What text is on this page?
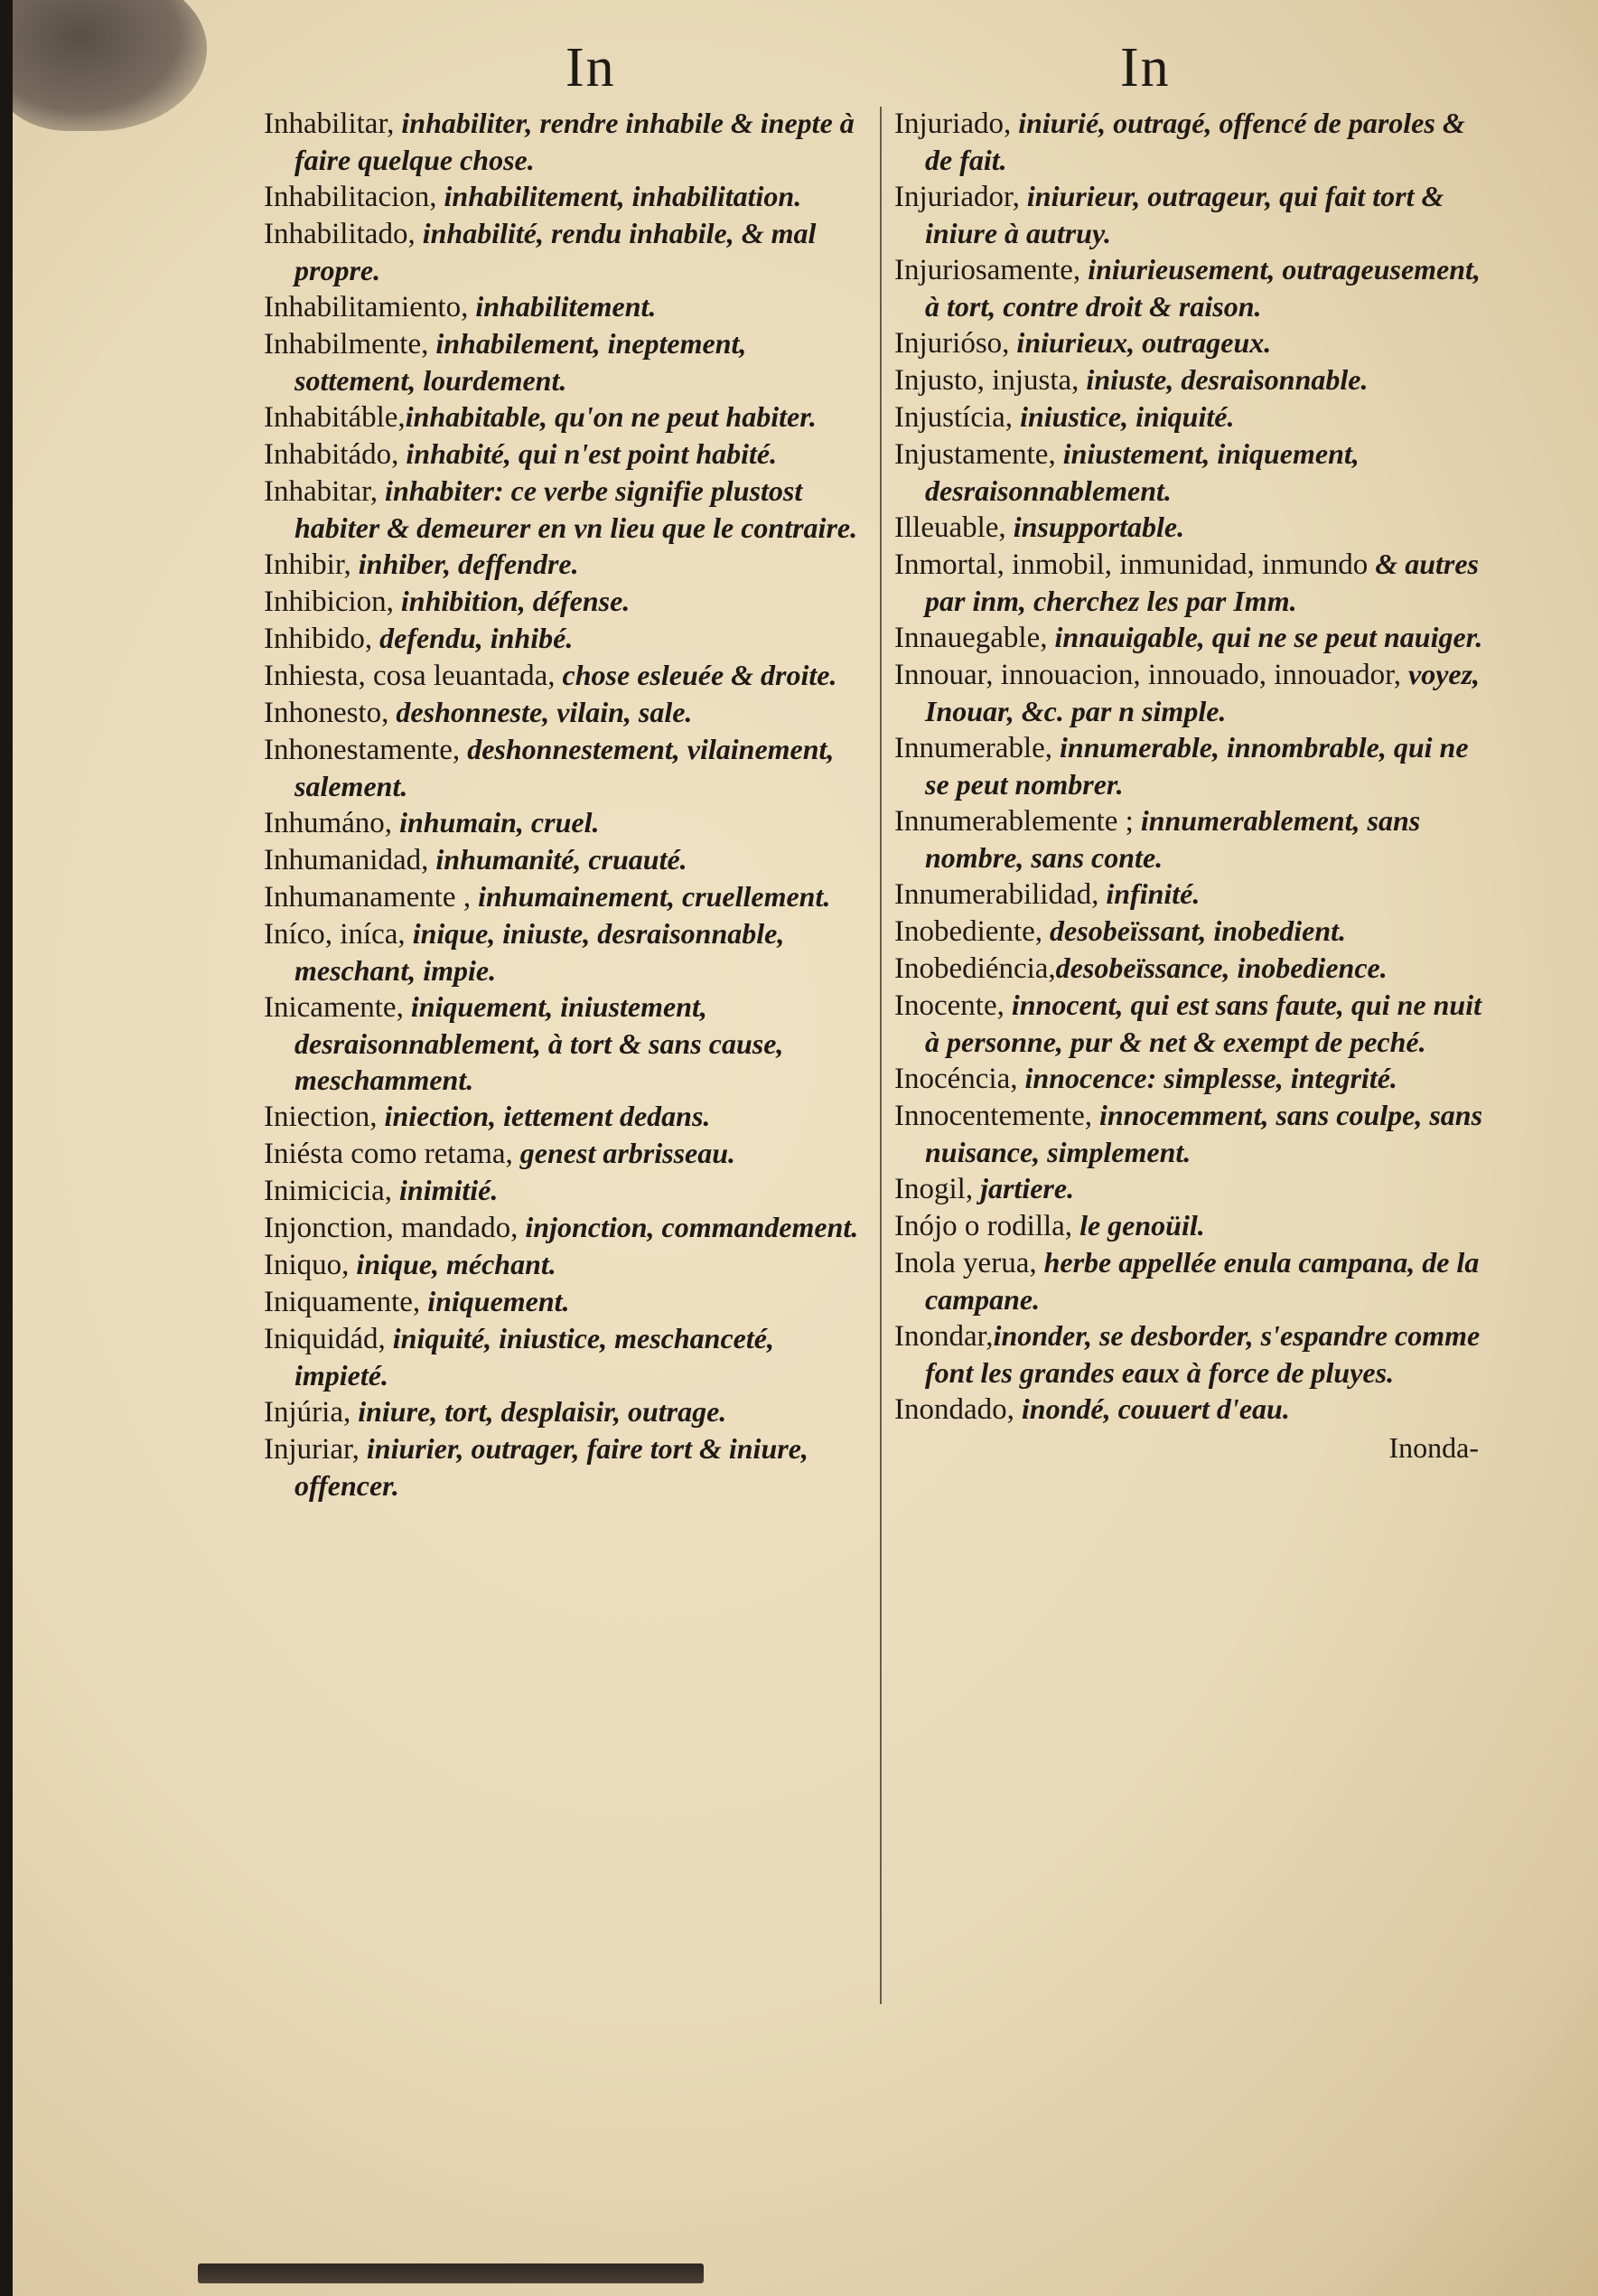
In	In
Inhabilitar, inhabiliter, rendre inhabile & inepte à faire quelque chose.
Inhabilitacion, inhabilitement, inhabilitation.
Inhabilitado, inhabilité, rendu inhabile, & mal propre.
Inhabilitamiento, inhabilitement.
Inhabilmente, inhabilement, ineptement, sottement, lourdement.
Inhabitáble,inhabitable, qu'on ne peut habiter.
Inhabitádo, inhabité, qui n'est point habité.
Inhabitar, inhabiter: ce verbe signifie plustost habiter & demeurer en vn lieu que le contraire.
Inhibir, inhiber, deffendre.
Inhibicion, inhibition, défense.
Inhibido, defendu, inhibé.
Inhiesta, cosa leuantada, chose esleuée & droite.
Inhonesto, deshonneste, vilain, sale.
Inhonestamente, deshonnestement, vilainement, salement.
Inhumáno, inhumain, cruel.
Inhumanidad, inhumanité, cruauté.
Inhumanamente , inhumainement, cruellement.
Iníco, iníca, inique, iniuste, desraisonnable, meschant, impie.
Inicamente, iniquement, iniustement, desraisonnablement, à tort & sans cause, meschamment.
Iniection, iniection, iettement dedans.
Iniésta como retama, genest arbrisseau.
Inimicicia, inimitié.
Injonction, mandado, injonction, commandement.
Iniquo, inique, méchant.
Iniquamente, iniquement.
Iniquidád, iniquité, iniustice, meschanceté, impieté.
Injúria, iniure, tort, desplaisir, outrage.
Injuriar, iniurier, outrager, faire tort & iniure, offencer.
Injuriado, iniurié, outragé, offencé de paroles & de fait.
Injuriador, iniurieur, outrageur, qui fait tort & iniure à autruy.
Injuriosamente, iniurieusement, outrageusement, à tort, contre droit & raison.
Injurióso, iniurieux, outrageux.
Injusto, injusta, iniuste, desraisonnable.
Injustícia, iniustice, iniquité.
Injustamente, iniustement, iniquement, desraisonnablement.
Illeuable, insupportable.
Inmortal, inmobil, inmunidad, inmundo & autres par inm, cherchez les par Imm.
Innauegable, innauigable, qui ne se peut nauiger.
Innouar, innouacion, innouado, innouador, voyez, Inouar, &c. par n simple.
Innumerable, innumerable, innombrable, qui ne se peut nombrer.
Innumerablemente ; innumerablement, sans nombre, sans conte.
Innumerabilidad, infinité.
Inobediente, desobeïssant, inobedient.
Inobediéncia,desobeïssance, inobedience.
Inocente, innocent, qui est sans faute, qui ne nuit à personne, pur & net & exempt de peché.
Inocéncia, innocence: simplesse, integrité.
Innocentemente, innocemment, sans coulpe, sans nuisance, simplement.
Inogil, jartiere.
Inójo o rodilla, le genoüil.
Inola yerua, herbe appellée enula campana, de la campane.
Inondar,inonder, se desborder, s'espandre comme font les grandes eaux à force de pluyes.
Inondado, inondé, couuert d'eau.
Inonda-
